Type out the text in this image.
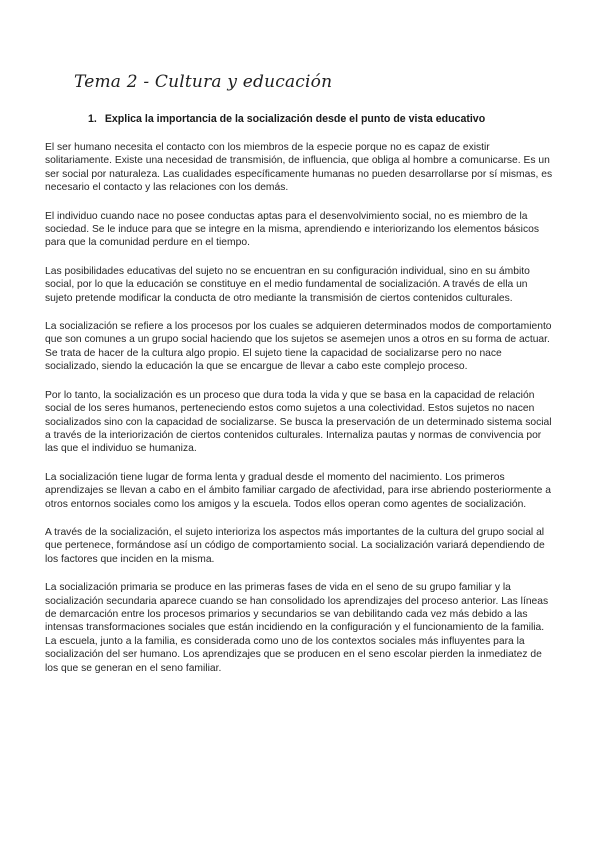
Tema 2 - Cultura y educación
1. Explica la importancia de la socialización desde el punto de vista educativo

El ser humano necesita el contacto con los miembros de la especie porque no es capaz de existir solitariamente. Existe una necesidad de transmisión, de influencia, que obliga al hombre a comunicarse. Es un ser social por naturaleza. Las cualidades específicamente humanas no pueden desarrollarse por sí mismas, es necesario el contacto y las relaciones con los demás.

El individuo cuando nace no posee conductas aptas para el desenvolvimiento social, no es miembro de la sociedad. Se le induce para que se integre en la misma, aprendiendo e interiorizando los elementos básicos para que la comunidad perdure en el tiempo.

Las posibilidades educativas del sujeto no se encuentran en su configuración individual, sino en su ámbito social, por lo que la educación se constituye en el medio fundamental de socialización. A través de ella un sujeto pretende modificar la conducta de otro mediante la transmisión de ciertos contenidos culturales.

La socialización se refiere a los procesos por los cuales se adquieren determinados modos de comportamiento que son comunes a un grupo social haciendo que los sujetos se asemejen unos a otros en su forma de actuar. Se trata de hacer de la cultura algo propio. El sujeto tiene la capacidad de socializarse pero no nace socializado, siendo la educación la que se encargue de llevar a cabo este complejo proceso.

Por lo tanto, la socialización es un proceso que dura toda la vida y que se basa en la capacidad de relación social de los seres humanos, perteneciendo estos como sujetos a una colectividad. Estos sujetos no nacen socializados sino con la capacidad de socializarse. Se busca la preservación de un determinado sistema social a través de la interiorización de ciertos contenidos culturales. Internaliza pautas y normas de convivencia por las que el individuo se humaniza.

La socialización tiene lugar de forma lenta y gradual desde el momento del nacimiento. Los primeros aprendizajes se llevan a cabo en el ámbito familiar cargado de afectividad, para irse abriendo posteriormente a otros entornos sociales como los amigos y la escuela. Todos ellos operan como agentes de socialización.

A través de la socialización, el sujeto interioriza los aspectos más importantes de la cultura del grupo social al que pertenece, formándose así un código de comportamiento social. La socialización variará dependiendo de los factores que inciden en la misma.

La socialización primaria se produce en las primeras fases de vida en el seno de su grupo familiar y la socialización secundaria aparece cuando se han consolidado los aprendizajes del proceso anterior. Las líneas de demarcación entre los procesos primarios y secundarios se van debilitando cada vez más debido a las intensas transformaciones sociales que están incidiendo en la configuración y el funcionamiento de la familia. La escuela, junto a la familia, es considerada como uno de los contextos sociales más influyentes para la socialización del ser humano. Los aprendizajes que se producen en el seno escolar pierden la inmediatez de los que se generan en el seno familiar.
